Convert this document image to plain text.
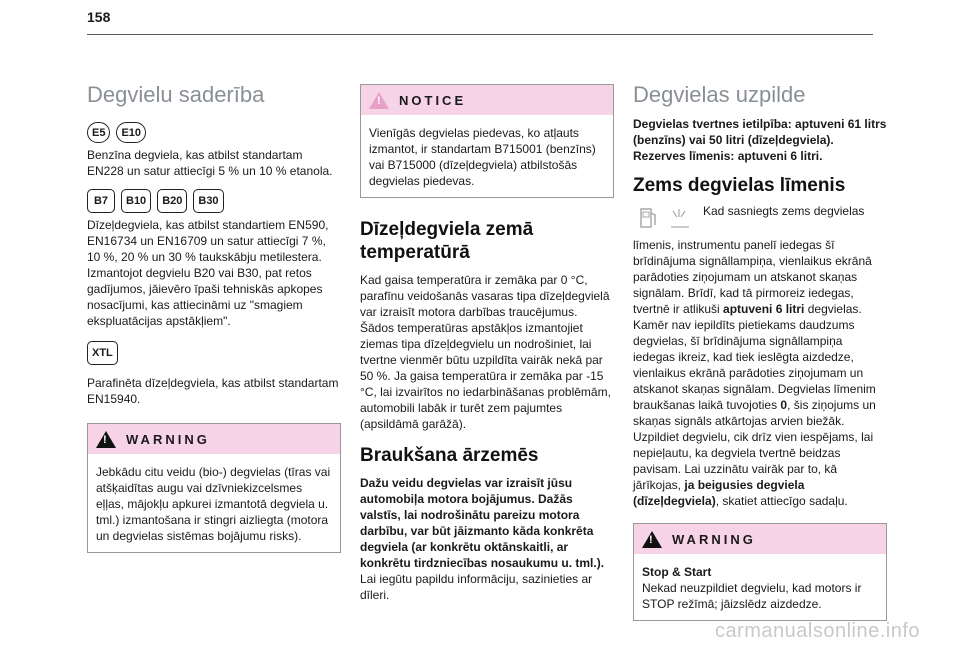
158
Degvielu saderība
E5	E10

Benzīna degviela, kas atbilst standartam EN228 un satur attiecīgi 5 % un 10 % etanola.

B7	B10	B20	B30

Dīzeļdegviela, kas atbilst standartiem EN590, EN16734 un EN16709 un satur attiecīgi 7 %, 10 %, 20 % un 30 % taukskābju metilestera. Izmantojot degvielu B20 vai B30, pat retos gadījumos, jāievēro īpaši tehniskās apkopes nosacījumi, kas attiecināmi uz "smagiem ekspluatācijas apstākļiem".

XTL

Parafinēta dīzeļdegviela, kas atbilst standartam EN15940.

!
WARNING

Jebkādu citu veidu (bio-) degvielas (tīras vai atšķaidītas augu vai dzīvniekizcelsmes eļļas, mājokļu apkurei izmantotā degviela u. tml.) izmantošana ir stingri aizliegta (motora un degvielas sistēmas bojājumu risks).

!
NOTICE

Vienīgās degvielas piedevas, ko atļauts izmantot, ir standartam B715001 (benzīns) vai B715000 (dīzeļdegviela) atbilstošās degvielas piedevas.

Dīzeļdegviela zemā temperatūrā

Kad gaisa temperatūra ir zemāka par 0 °C, parafīnu veidošanās vasaras tipa dīzeļdegvielā var izraisīt motora darbības traucējumus. Šādos temperatūras apstākļos izmantojiet ziemas tipa dīzeļdegvielu un nodrošiniet, lai tvertne vienmēr būtu uzpildīta vairāk nekā par 50 %. Ja gaisa temperatūra ir zemāka par -15 °C, lai izvairītos no iedarbināšanas problēmām, automobili labāk ir turēt zem pajumtes (apsildāmā garāžā).

Braukšana ārzemēs

Dažu veidu degvielas var izraisīt jūsu automobiļa motora bojājumus. Dažās valstīs, lai nodrošinātu pareizu motora darbību, var būt jāizmanto kāda konkrēta degviela (ar konkrētu oktānskaitli, ar konkrētu tirdzniecības nosaukumu u. tml.).

Lai iegūtu papildu informāciju, sazinieties ar dīleri.

Degvielas uzpilde

Degvielas tvertnes ietilpība: aptuveni 61 litrs (benzīns) vai 50 litri (dīzeļdegviela). Rezerves līmenis: aptuveni 6 litri.

Zems degvielas līmenis

Kad sasniegts zems degvielas līmenis, instrumentu panelī iedegas šī brīdinājuma signāllampiņa, vienlaikus ekrānā parādoties ziņojumam un atskanot skaņas signālam. Brīdī, kad tā pirmoreiz iedegas, tvertnē ir atlikuši aptuveni 6 litri degvielas.

Kamēr nav iepildīts pietiekams daudzums degvielas, šī brīdinājuma signāllampiņa iedegas ikreiz, kad tiek ieslēgta aizdedze, vienlaikus ekrānā parādoties ziņojumam un atskanot skaņas signālam. Degvielas līmenim braukšanas laikā tuvojoties 0, šis ziņojums un skaņas signāls atkārtojas arvien biežāk.

Uzpildiet degvielu, cik drīz vien iespējams, lai nepieļautu, ka degviela tvertnē beidzas pavisam. Lai uzzinātu vairāk par to, kā jārīkojas, ja beigusies degviela (dīzeļdegviela), skatiet attiecīgo sadaļu.

!
WARNING

Stop & Start

Nekad neuzpildiet degvielu, kad motors ir STOP režīmā; jāizslēdz aizdedze.

carmanualsonline.info
